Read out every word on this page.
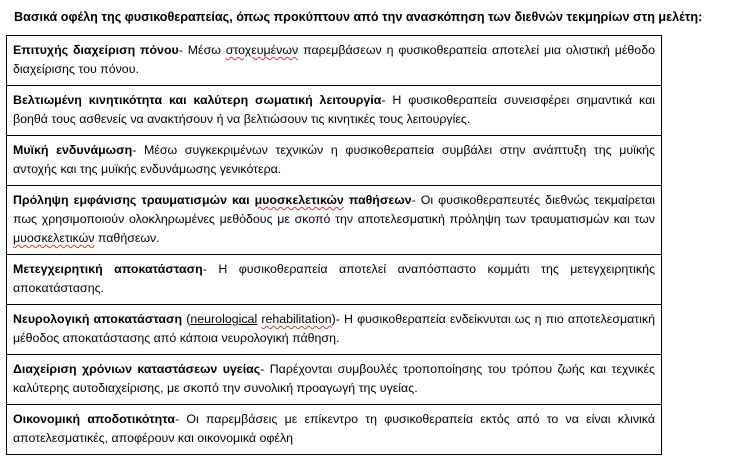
Βασικά οφέλη της φυσικοθεραπείας, όπως προκύπτουν από την ανασκόπηση των διεθνών τεκμηρίων στη μελέτη:
Επιτυχής διαχείριση πόνου- Μέσω στοχευμένων παρεμβάσεων η φυσικοθεραπεία αποτελεί μια ολιστική μέθοδο διαχείρισης του πόνου.
Βελτιωμένη κινητικότητα και καλύτερη σωματική λειτουργία- Η φυσικοθεραπεία συνεισφέρει σημαντικά και βοηθά τους ασθενείς να ανακτήσουν ή να βελτιώσουν τις κινητικές τους λειτουργίες.
Μυϊκή ενδυνάμωση- Μέσω συγκεκριμένων τεχνικών η φυσικοθεραπεία συμβάλει στην ανάπτυξη της μυϊκής αντοχής και της μυϊκής ενδυνάμωσης γενικότερα.
Πρόληψη εμφάνισης τραυματισμών και μυοσκελετικών παθήσεων- Οι φυσικοθεραπευτές διεθνώς τεκμαίρεται πως χρησιμοποιούν ολοκληρωμένες μεθόδους με σκοπό την αποτελεσματική πρόληψη των τραυματισμών και των μυοσκελετικών παθήσεων.
Μετεγχειρητική αποκατάσταση- Η φυσικοθεραπεία αποτελεί αναπόσπαστο κομμάτι της μετεγχειρητικής αποκατάστασης.
Νευρολογική αποκατάσταση (neurological rehabilitation)- Η φυσικοθεραπεία ενδείκνυται ως η πιο αποτελεσματική μέθοδος αποκατάστασης από κάποια νευρολογική πάθηση.
Διαχείριση χρόνιων καταστάσεων υγείας- Παρέχονται συμβουλές τροποποίησης του τρόπου ζωής και τεχνικές καλύτερης αυτοδιαχείρισης, με σκοπό την συνολική προαγωγή της υγείας.
Οικονομική αποδοτικότητα- Οι παρεμβάσεις με επίκεντρο τη φυσικοθεραπεία εκτός από το να είναι κλινικά αποτελεσματικές, αποφέρουν και οικονομικά οφέλη
